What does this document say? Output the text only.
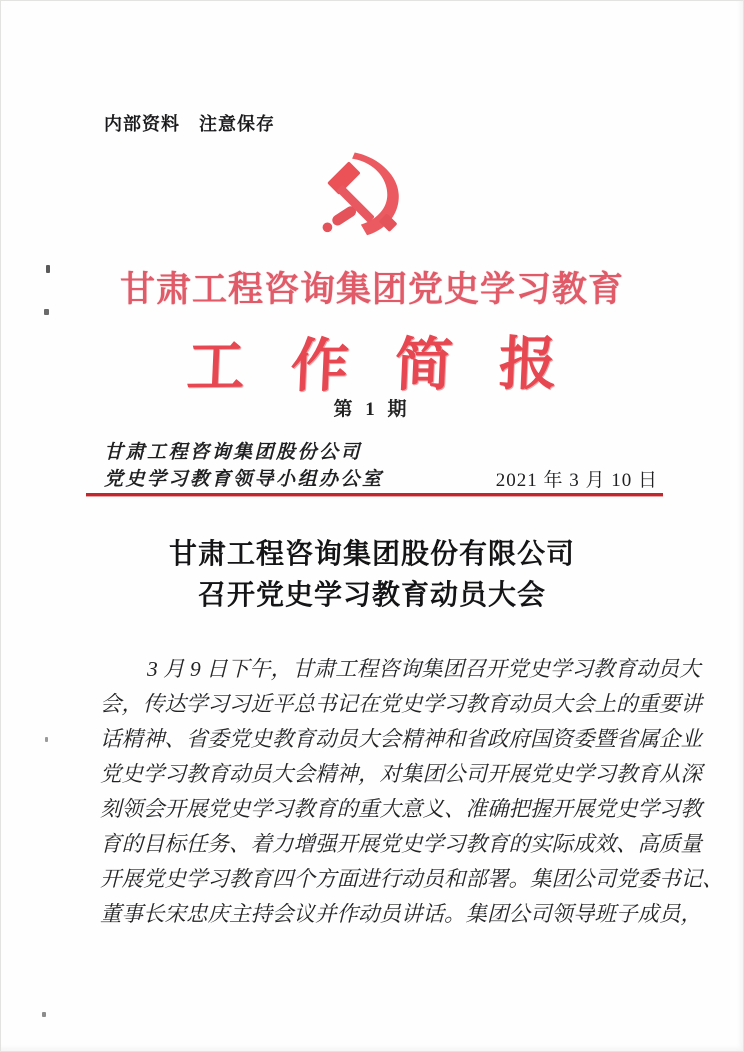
内部资料　注意保存
甘肃工程咨询集团党史学习教育
工作简报
第 1 期
甘肃工程咨询集团股份公司
党史学习教育领导小组办公室	2021 年 3 月 10 日
甘肃工程咨询集团股份有限公司
召开党史学习教育动员大会
3 月 9 日下午，甘肃工程咨询集团召开党史学习教育动员大
会，传达学习习近平总书记在党史学习教育动员大会上的重要讲
话精神、省委党史教育动员大会精神和省政府国资委暨省属企业
党史学习教育动员大会精神，对集团公司开展党史学习教育从深
刻领会开展党史学习教育的重大意义、准确把握开展党史学习教
育的目标任务、着力增强开展党史学习教育的实际成效、高质量
开展党史学习教育四个方面进行动员和部署。集团公司党委书记、
董事长宋忠庆主持会议并作动员讲话。集团公司领导班子成员，
